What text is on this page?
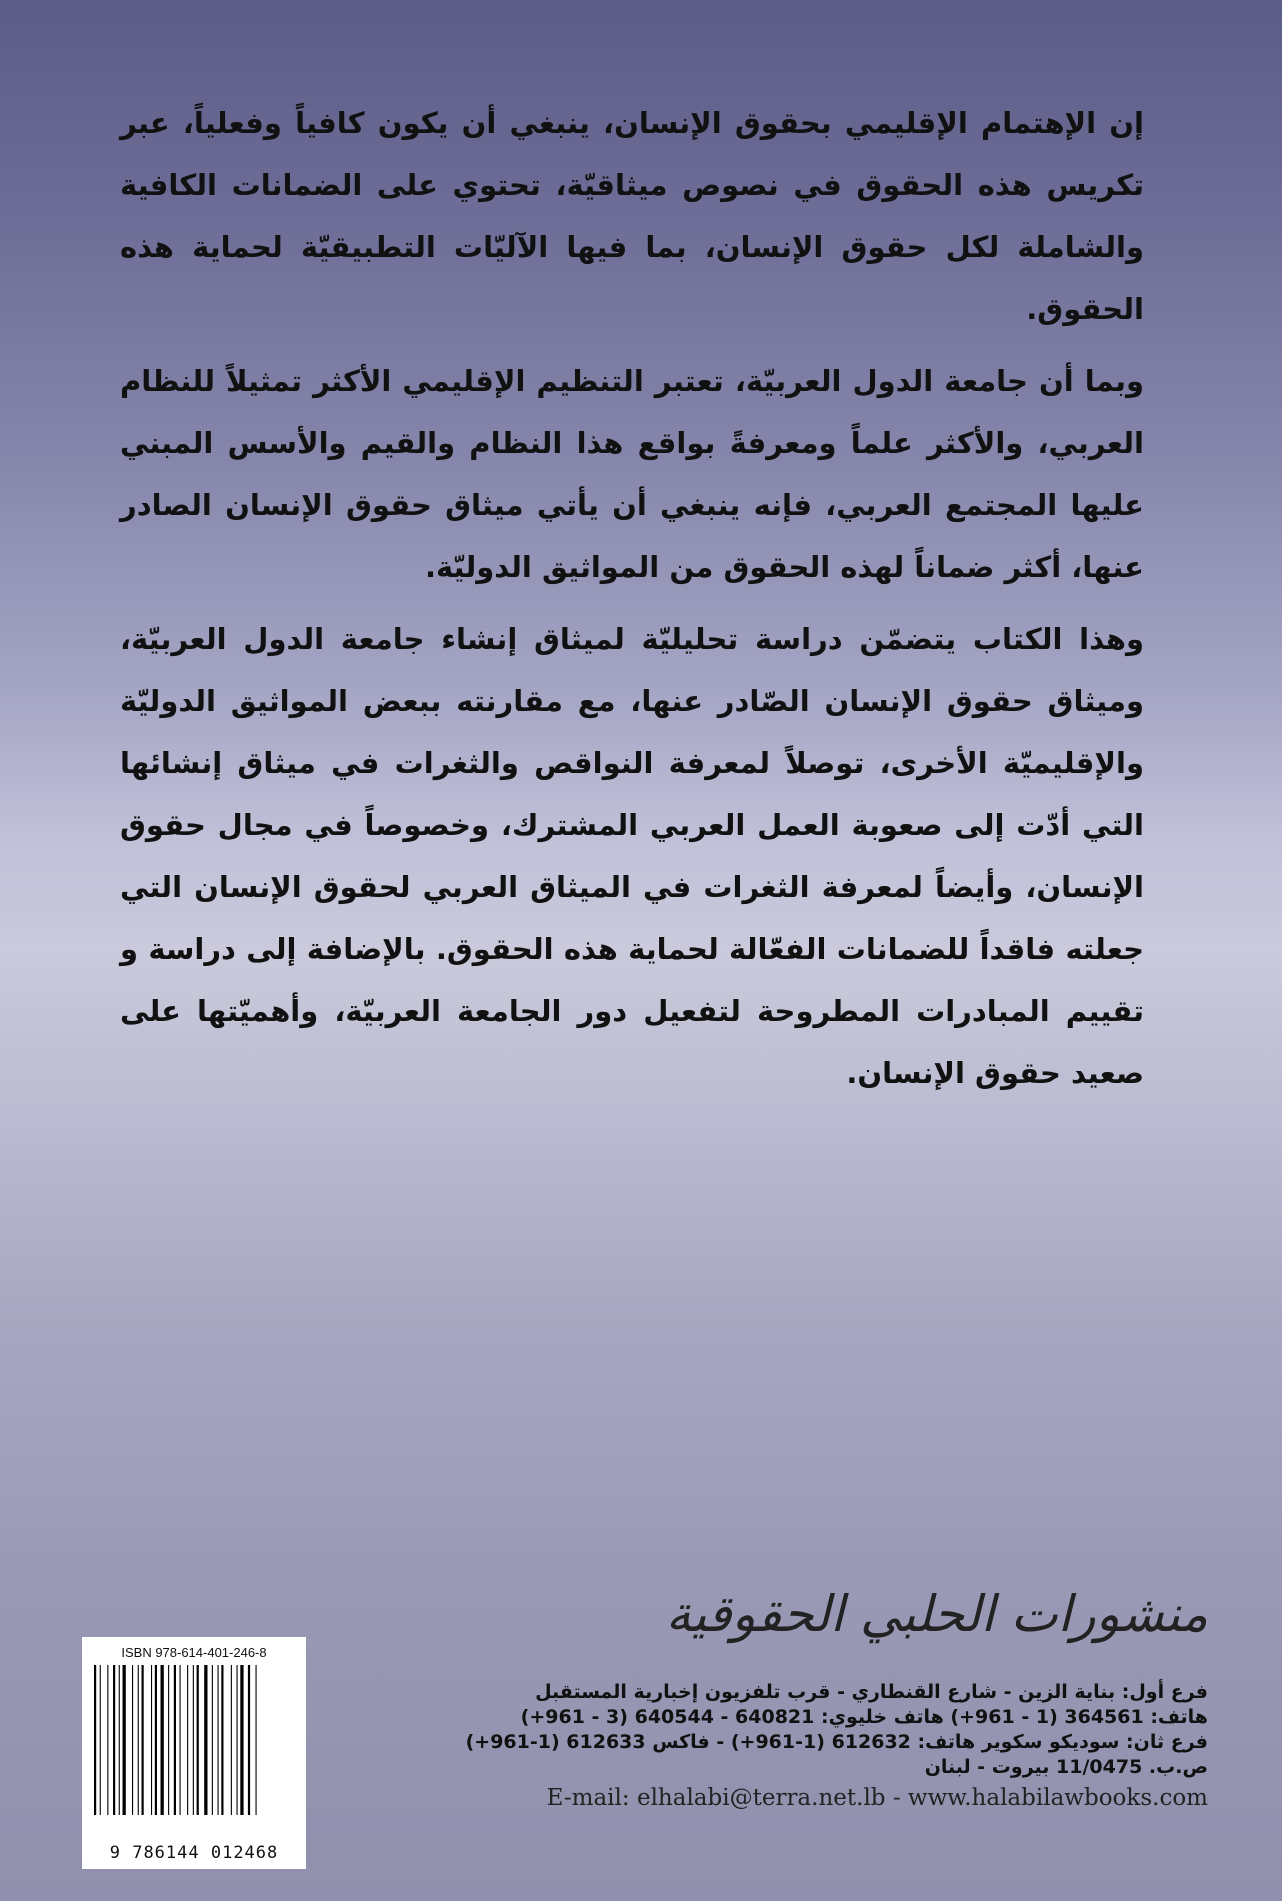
إن الإهتمام الإقليمي بحقوق الإنسان، ينبغي أن يكون كافياً وفعلياً، عبر تكريس هذه الحقوق في نصوص ميثاقيّة، تحتوي على الضمانات الكافية والشاملة لكل حقوق الإنسان، بما فيها الآليّات التطبيقيّة لحماية هذه الحقوق.

وبما أن جامعة الدول العربيّة، تعتبر التنظيم الإقليمي الأكثر تمثيلاً للنظام العربي، والأكثر علماً ومعرفةً بواقع هذا النظام والقيم والأسس المبني عليها المجتمع العربي، فإنه ينبغي أن يأتي ميثاق حقوق الإنسان الصادر عنها، أكثر ضماناً لهذه الحقوق من المواثيق الدوليّة.

وهذا الكتاب يتضمّن دراسة تحليليّة لميثاق إنشاء جامعة الدول العربيّة، وميثاق حقوق الإنسان الصّادر عنها، مع مقارنته ببعض المواثيق الدوليّة والإقليميّة الأخرى، توصلاً لمعرفة النواقص والثغرات في ميثاق إنشائها التي أدّت إلى صعوبة العمل العربي المشترك، وخصوصاً في مجال حقوق الإنسان، وأيضاً لمعرفة الثغرات في الميثاق العربي لحقوق الإنسان التي جعلته فاقداً للضمانات الفعّالة لحماية هذه الحقوق. بالإضافة إلى دراسة و تقييم المبادرات المطروحة لتفعيل دور الجامعة العربيّة، وأهميّتها على صعيد حقوق الإنسان.

منشورات الحلبي الحقوقية
فرع أول: بناية الزين - شارع القنطاري - قرب تلفزيون إخبارية المستقبل
هاتف: 364561 (1 - 961+) هاتف خليوي: 640821 - 640544 (3 - 961+)
فرع ثان: سوديكو سكوير هاتف: 612632 (1-961+) - فاكس 612633 (1-961+)
ص.ب. 11/0475 بيروت - لبنان
E-mail: elhalabi@terra.net.lb - www.halabilawbooks.com
ISBN 978-614-401-246-8
9 786144 012468
